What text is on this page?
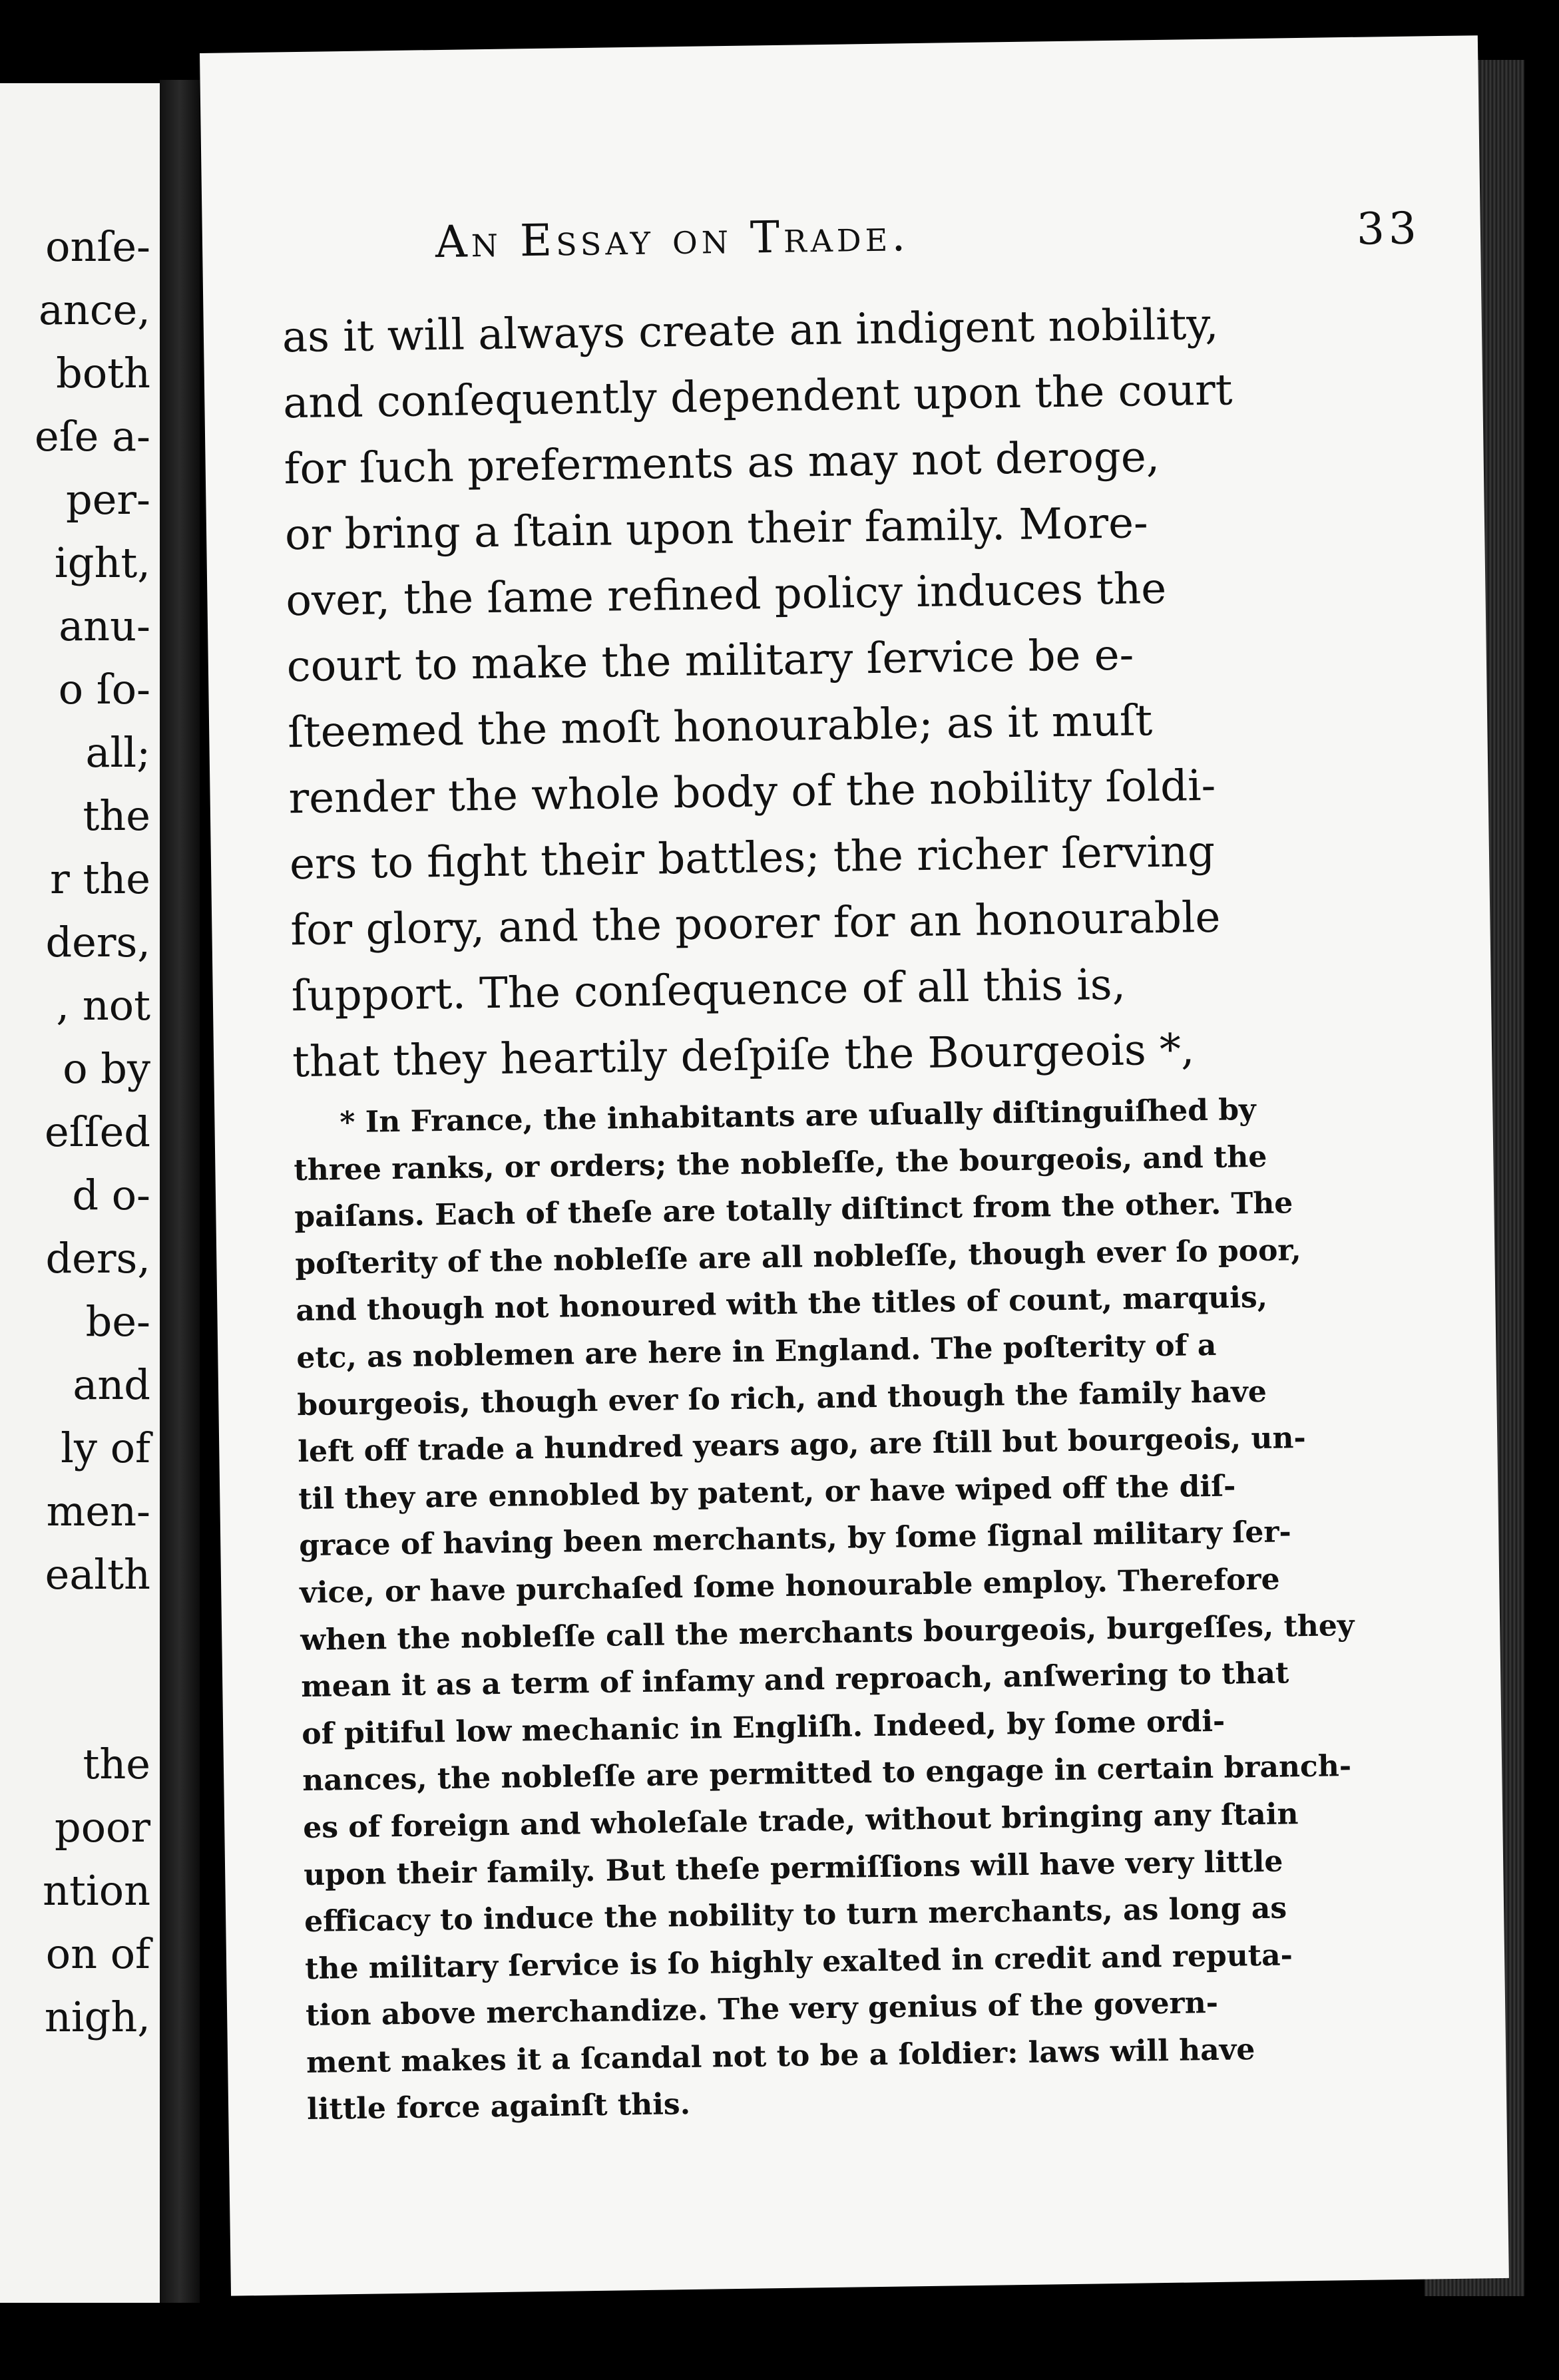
onſe-
ance,
both
eſe a-
per-
ight,
anu-
o ſo-
all;
the
r the
ders,
, not
o by
eſſed
d o-
ders,
be-
and
ly of
men-
ealth
the
poor
ntion
on of
nigh,
An Essay on Trade.	33
as it will always create an indigent nobility,
and conſequently dependent upon the court
for ſuch preferments as may not deroge,
or bring a ſtain upon their family. More-
over, the ſame refined policy induces the
court to make the military ſervice be e-
ſteemed the moſt honourable; as it muſt
render the whole body of the nobility ſoldi-
ers to fight their battles; the richer ſerving
for glory, and the poorer for an honourable
ſupport. The conſequence of all this is,
that they heartily deſpiſe the Bourgeois *,
* In France, the inhabitants are uſually diſtinguiſhed by
three ranks, or orders; the nobleſſe, the bourgeois, and the
paiſans. Each of theſe are totally diſtinct from the other. The
poſterity of the nobleſſe are all nobleſſe, though ever ſo poor,
and though not honoured with the titles of count, marquis,
etc, as noblemen are here in England. The poſterity of a
bourgeois, though ever ſo rich, and though the family have
left off trade a hundred years ago, are ſtill but bourgeois, un-
til they are ennobled by patent, or have wiped off the diſ-
grace of having been merchants, by ſome ſignal military ſer-
vice, or have purchaſed ſome honourable employ. Therefore
when the nobleſſe call the merchants bourgeois, burgeſſes, they
mean it as a term of infamy and reproach, anſwering to that
of pitiful low mechanic in Engliſh. Indeed, by ſome ordi-
nances, the nobleſſe are permitted to engage in certain branch-
es of foreign and wholeſale trade, without bringing any ſtain
upon their family. But theſe permiſſions will have very little
efficacy to induce the nobility to turn merchants, as long as
the military ſervice is ſo highly exalted in credit and reputa-
tion above merchandize. The very genius of the govern-
ment makes it a ſcandal not to be a ſoldier: laws will have
little force againſt this.
